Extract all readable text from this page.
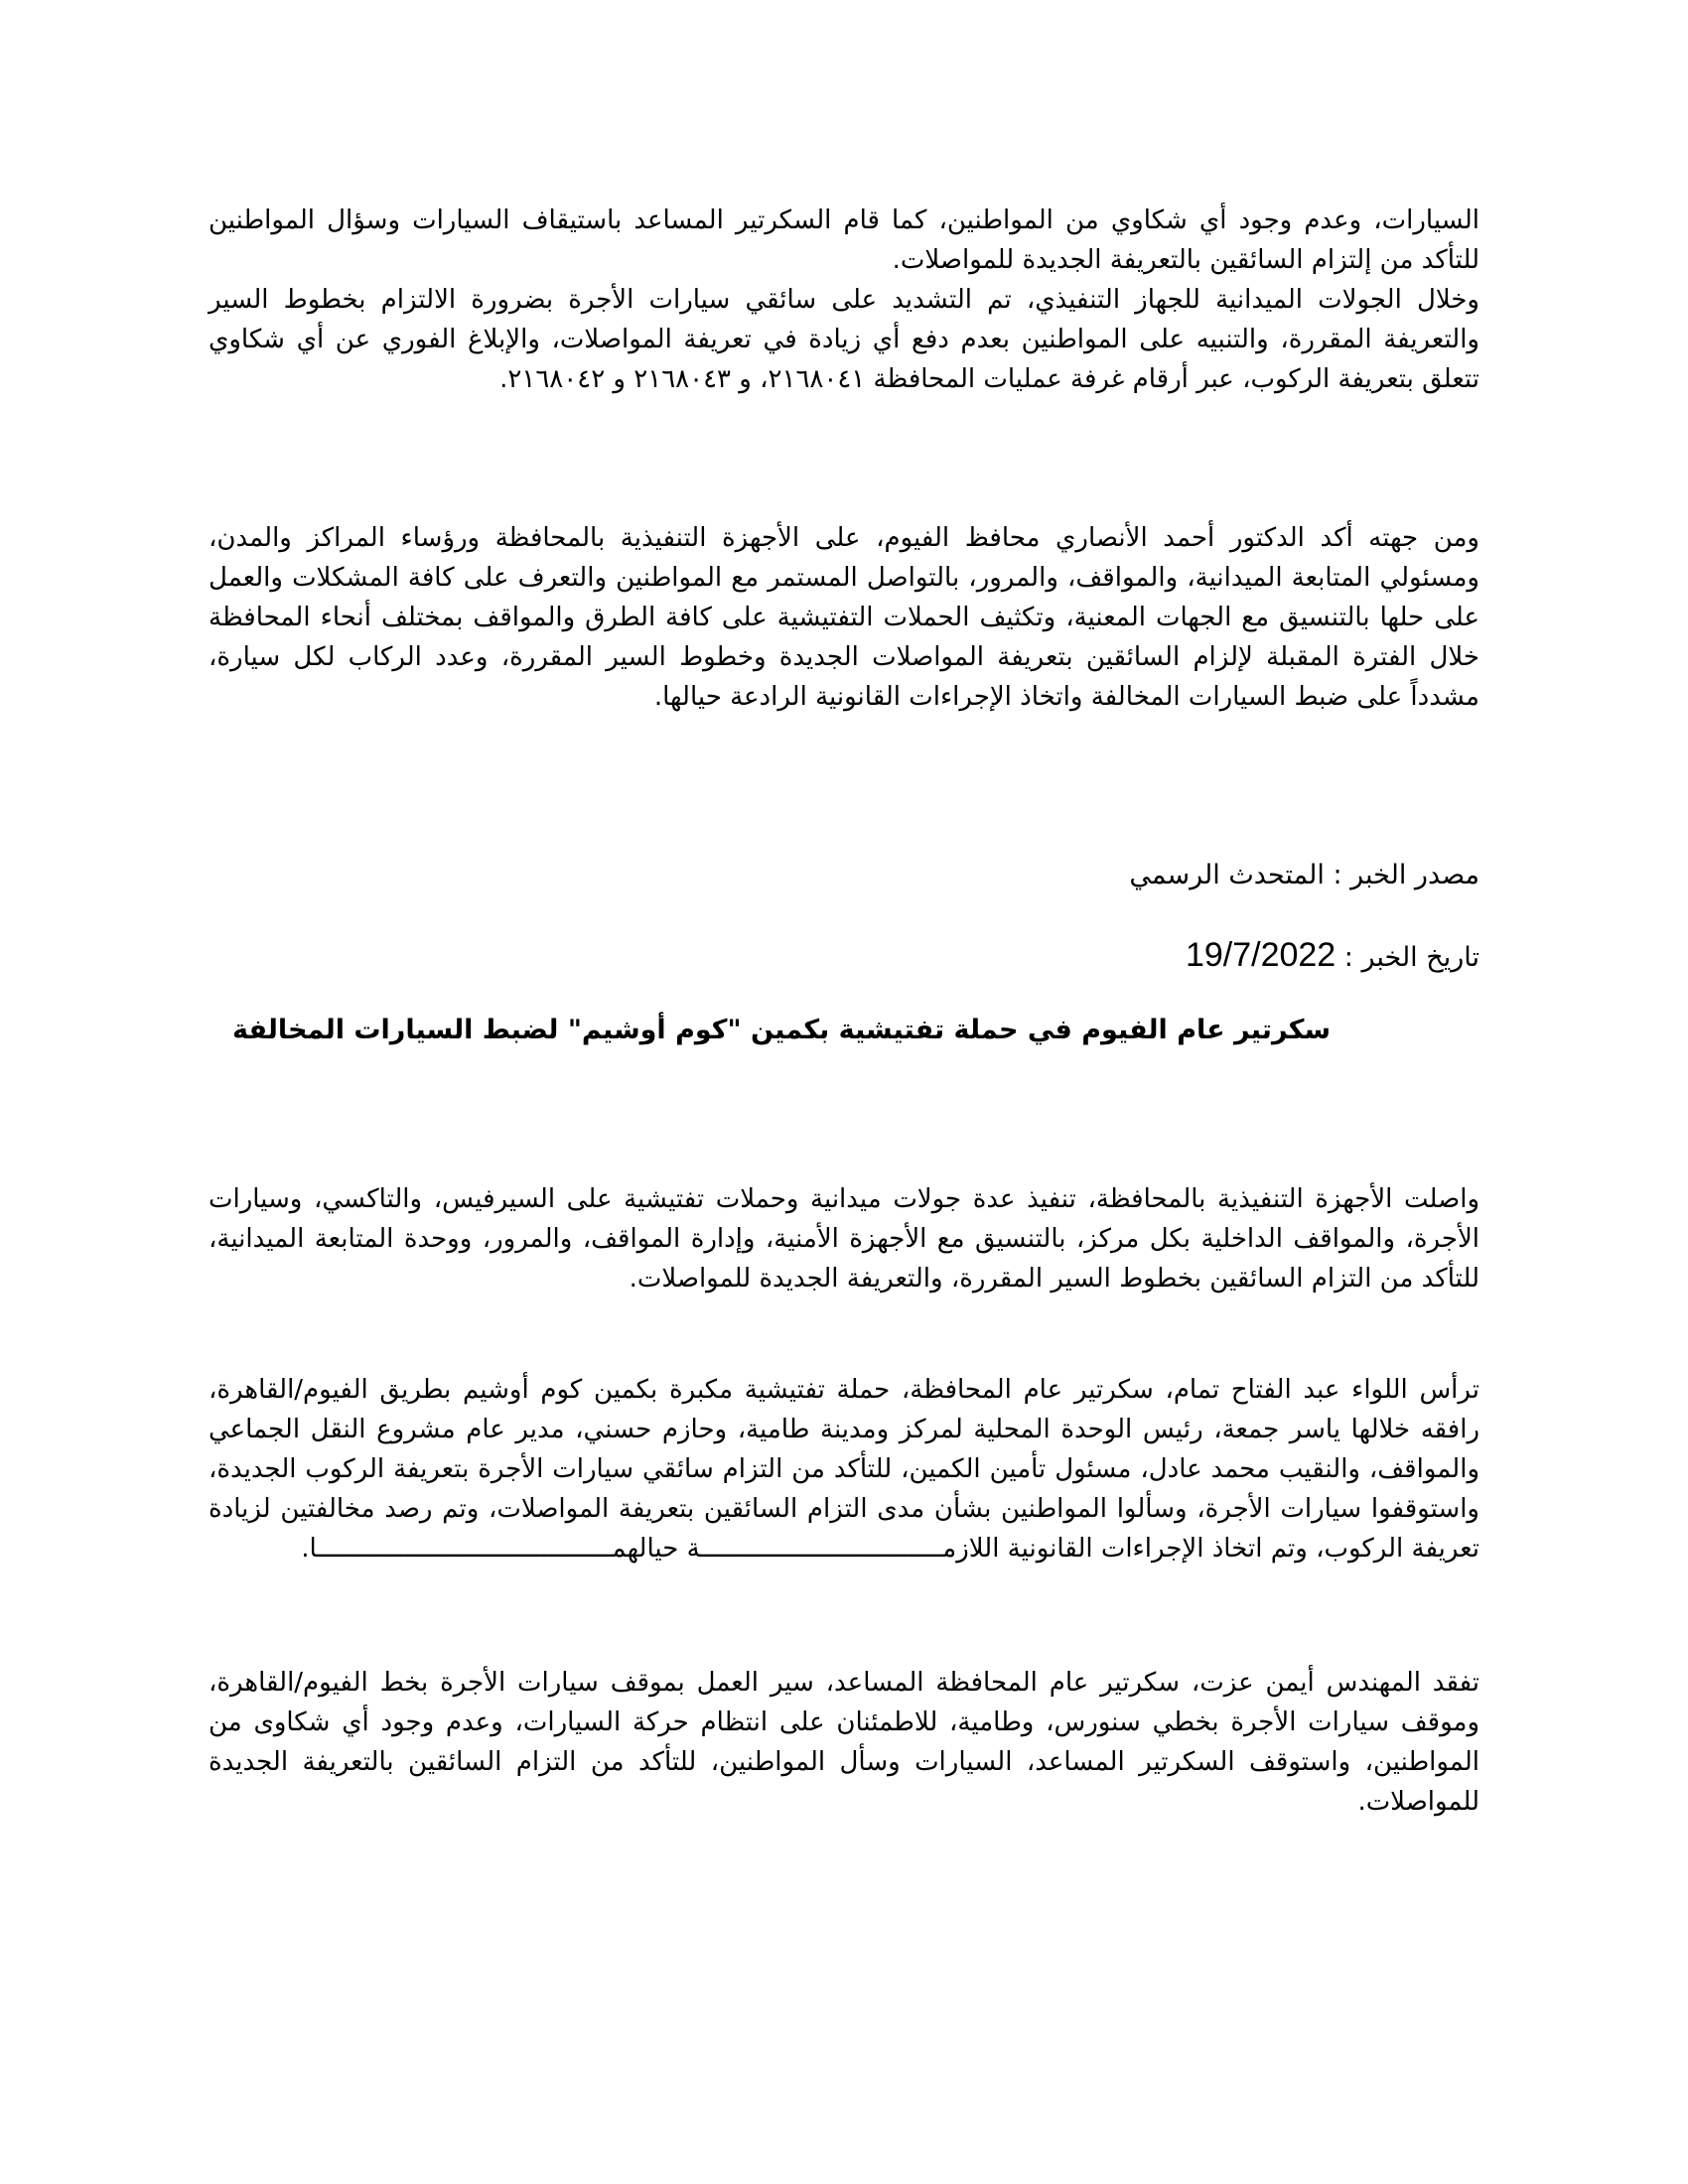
السيارات، وعدم وجود أي شكاوي من المواطنين، كما قام السكرتير المساعد باستيقاف السيارات وسؤال المواطنين للتأكد من إلتزام السائقين بالتعريفة الجديدة للمواصلات.
وخلال الجولات الميدانية للجهاز التنفيذي، تم التشديد على سائقي سيارات الأجرة بضرورة الالتزام بخطوط السير والتعريفة المقررة، والتنبيه على المواطنين بعدم دفع أي زيادة في تعريفة المواصلات، والإبلاغ الفوري عن أي شكاوي تتعلق بتعريفة الركوب، عبر أرقام غرفة عمليات المحافظة ٢١٦٨٠٤١، و ٢١٦٨٠٤٣ و ٢١٦٨٠٤٢.

ومن جهته أكد الدكتور أحمد الأنصاري محافظ الفيوم، على الأجهزة التنفيذية بالمحافظة ورؤساء المراكز والمدن، ومسئولي المتابعة الميدانية، والمواقف، والمرور، بالتواصل المستمر مع المواطنين والتعرف على كافة المشكلات والعمل على حلها بالتنسيق مع الجهات المعنية، وتكثيف الحملات التفتيشية على كافة الطرق والمواقف بمختلف أنحاء المحافظة خلال الفترة المقبلة لإلزام السائقين بتعريفة المواصلات الجديدة وخطوط السير المقررة، وعدد الركاب لكل سيارة، مشدداً على ضبط السيارات المخالفة واتخاذ الإجراءات القانونية الرادعة حيالها.

مصدر الخبر : المتحدث الرسمي
تاريخ الخبر : 19/7/2022
سكرتير عام الفيوم في حملة تفتيشية بكمين "كوم أوشيم" لضبط السيارات المخالفة

واصلت الأجهزة التنفيذية بالمحافظة، تنفيذ عدة جولات ميدانية وحملات تفتيشية على السيرفيس، والتاكسي، وسيارات الأجرة، والمواقف الداخلية بكل مركز، بالتنسيق مع الأجهزة الأمنية، وإدارة المواقف، والمرور، ووحدة المتابعة الميدانية، للتأكد من التزام السائقين بخطوط السير المقررة، والتعريفة الجديدة للمواصلات.

ترأس اللواء عبد الفتاح تمام، سكرتير عام المحافظة، حملة تفتيشية مكبرة بكمين كوم أوشيم بطريق الفيوم/القاهرة، رافقه خلالها ياسر جمعة، رئيس الوحدة المحلية لمركز ومدينة طامية، وحازم حسني، مدير عام مشروع النقل الجماعي والمواقف، والنقيب محمد عادل، مسئول تأمين الكمين، للتأكد من التزام سائقي سيارات الأجرة بتعريفة الركوب الجديدة، واستوقفوا سيارات الأجرة، وسألوا المواطنين بشأن مدى التزام السائقين بتعريفة المواصلات، وتم رصد مخالفتين لزيادة تعريفة الركوب، وتم اتخاذ الإجراءات القانونية اللازمــــــــــــــــــــــــــــــــة حيالهمـــــــــــــــــــــــــــــــــــــــا.

تفقد المهندس أيمن عزت، سكرتير عام المحافظة المساعد، سير العمل بموقف سيارات الأجرة بخط الفيوم/القاهرة، وموقف سيارات الأجرة بخطي سنورس، وطامية، للاطمئنان على انتظام حركة السيارات، وعدم وجود أي شكاوى من المواطنين، واستوقف السكرتير المساعد، السيارات وسأل المواطنين، للتأكد من التزام السائقين بالتعريفة الجديدة للمواصلات.
